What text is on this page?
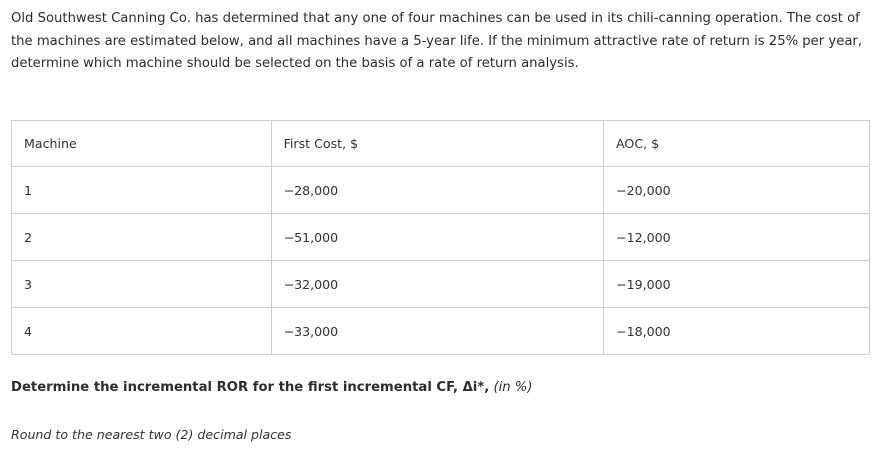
Old Southwest Canning Co. has determined that any one of four machines can be used in its chili-canning operation. The cost of the machines are estimated below, and all machines have a 5-year life. If the minimum attractive rate of return is 25% per year, determine which machine should be selected on the basis of a rate of return analysis.

Machine	First Cost, $	AOC, $
1	−28,000	−20,000
2	−51,000	−12,000
3	−32,000	−19,000
4	−33,000	−18,000

Determine the incremental ROR for the first incremental CF, Δi*, (in %)

Round to the nearest two (2) decimal places
